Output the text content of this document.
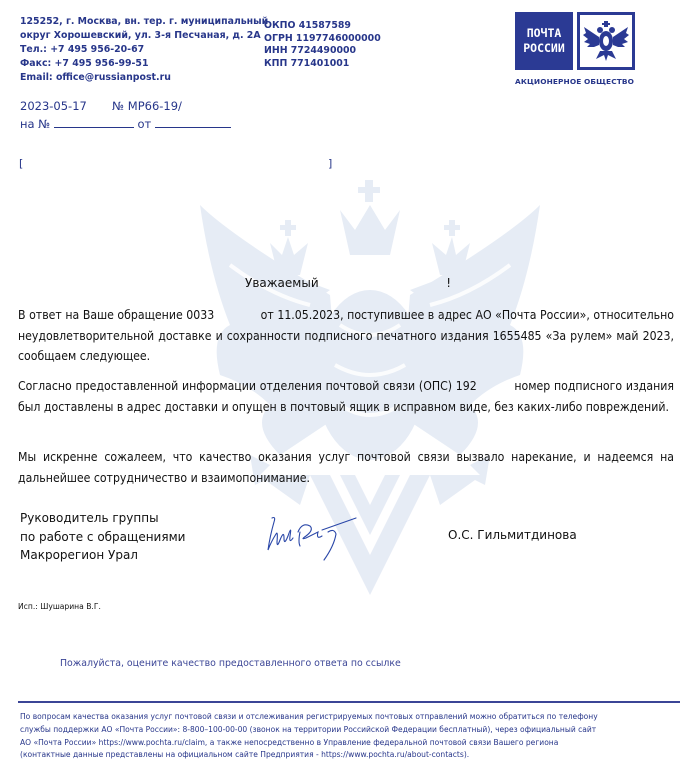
125252, г. Москва, вн. тер. г. муниципальный
округ Хорошевский, ул. 3-я Песчаная, д. 2А
Тел.: +7 495 956-20-67
Факс: +7 495 956-99-51
Email: office@russianpost.ru
ОКПО 41587589
ОГРН 1197746000000
ИНН 7724490000
КПП 771401001
ПОЧТА
РОССИИ
АКЦИОНЕРНОЕ ОБЩЕСТВО
2023-05-17 № МР66-19/
на №	от
[	]
Уважаемый	!
В ответ на Ваше обращение 0033             от 11.05.2023, поступившее в адрес АО «Почта России», относительно неудовлетворительной доставке и сохранности подписного печатного издания 1655485 «За рулем» май 2023, сообщаем следующее.
Согласно предоставленной информации отделения почтовой связи (ОПС) 192          номер подписного издания был доставлены в адрес доставки и опущен в почтовый ящик в исправном виде, без каких-либо повреждений.
Мы искренне сожалеем, что качество оказания услуг почтовой связи вызвало нарекание, и надеемся на дальнейшее сотрудничество и взаимопонимание.
Руководитель группы
по работе с обращениями
Макрорегион Урал
О.С. Гильмитдинова
Исп.: Шушарина В.Г.
Пожалуйста, оцените качество предоставленного ответа по ссылке
По вопросам качества оказания услуг почтовой связи и отслеживания регистрируемых почтовых отправлений можно обратиться по телефону
службы поддержки АО «Почта России»: 8-800–100-00-00 (звонок на территории Российской Федерации бесплатный), через официальный сайт
АО «Почта России» https://www.pochta.ru/claim, а также непосредственно в Управление федеральной почтовой связи Вашего региона
(контактные данные представлены на официальном сайте Предприятия - https://www.pochta.ru/about-contacts).
